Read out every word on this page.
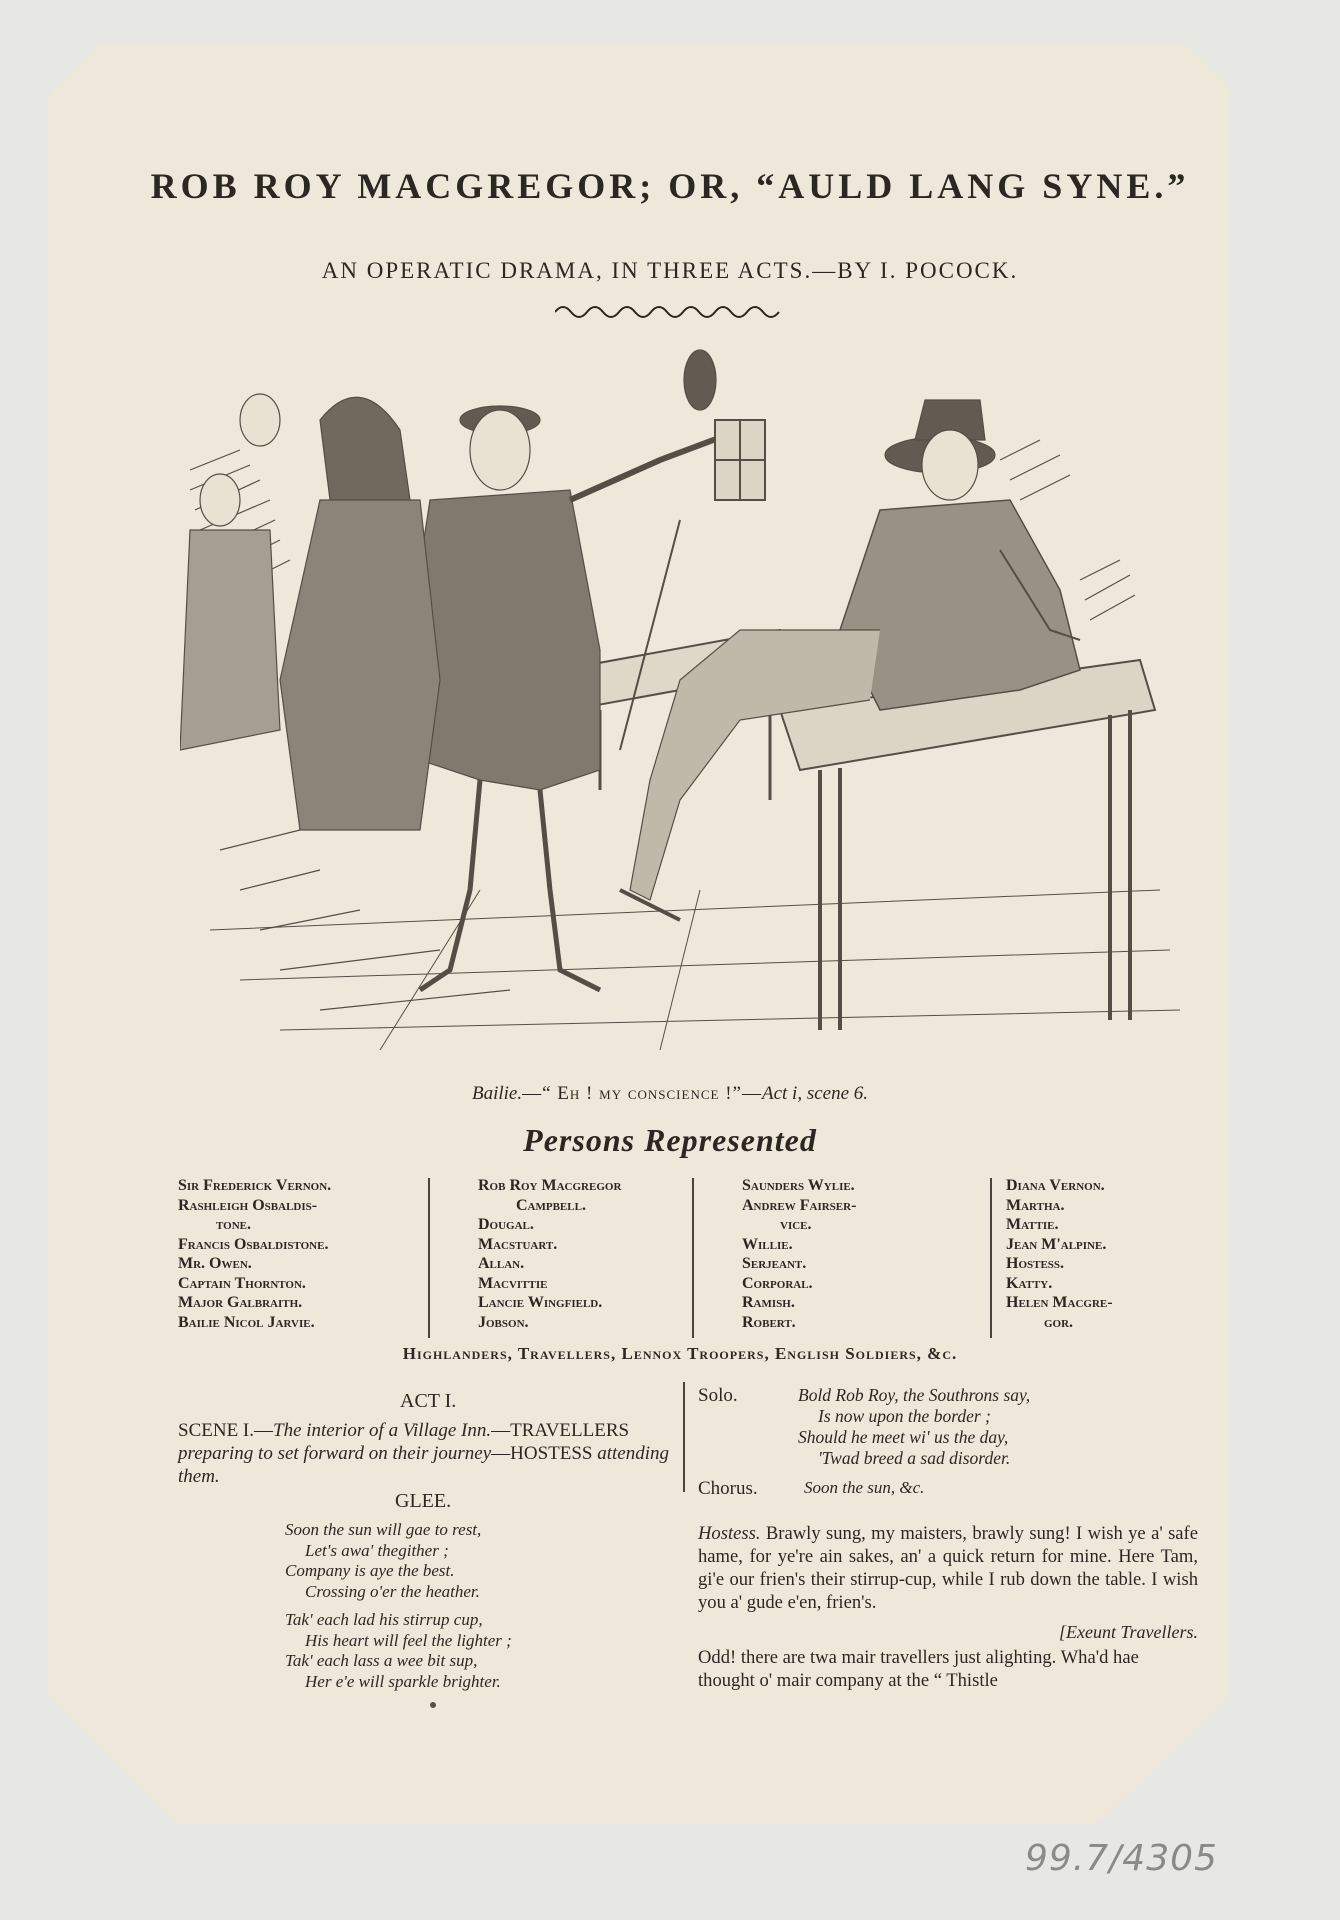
ROB ROY MACGREGOR; OR, “AULD LANG SYNE.”
AN OPERATIC DRAMA, IN THREE ACTS.—BY I. POCOCK.
Bailie.—“ Eh ! my conscience !”—Act i, scene 6.
Persons Represented
Sir Frederick Vernon.
Rashleigh Osbaldis-
tone.
Francis Osbaldistone.
Mr. Owen.
Captain Thornton.
Major Galbraith.
Bailie Nicol Jarvie.
Rob Roy Macgregor
Campbell.
Dougal.
Macstuart.
Allan.
Macvittie
Lancie Wingfield.
Jobson.
Saunders Wylie.
Andrew Fairser-
vice.
Willie.
Serjeant.
Corporal.
Ramish.
Robert.
Diana Vernon.
Martha.
Mattie.
Jean M'alpine.
Hostess.
Katty.
Helen Macgre-
gor.
Highlanders, Travellers, Lennox Troopers, English Soldiers, &c.
ACT I.
SCENE I.—The interior of a Village Inn.—TRAVELLERS preparing to set forward on their journey—HOSTESS attending them.
GLEE.
Soon the sun will gae to rest,
Let's awa' thegither ;
Company is aye the best.
Crossing o'er the heather.
Tak' each lad his stirrup cup,
His heart will feel the lighter ;
Tak' each lass a wee bit sup,
Her e'e will sparkle brighter.
Solo.	Bold Rob Roy, the Southrons say,
Is now upon the border ;
Should he meet wi' us the day,
'Twad breed a sad disorder.
Chorus.	Soon the sun, &c.
Hostess. Brawly sung, my maisters, brawly sung! I wish ye a' safe hame, for ye're ain sakes, an' a quick return for mine. Here Tam, gi'e our frien's their stirrup-cup, while I rub down the table. I wish you a' gude e'en, frien's.
[Exeunt Travellers.
Odd! there are twa mair travellers just alighting. Wha'd hae thought o' mair company at the “ Thistle
99.7/4305
